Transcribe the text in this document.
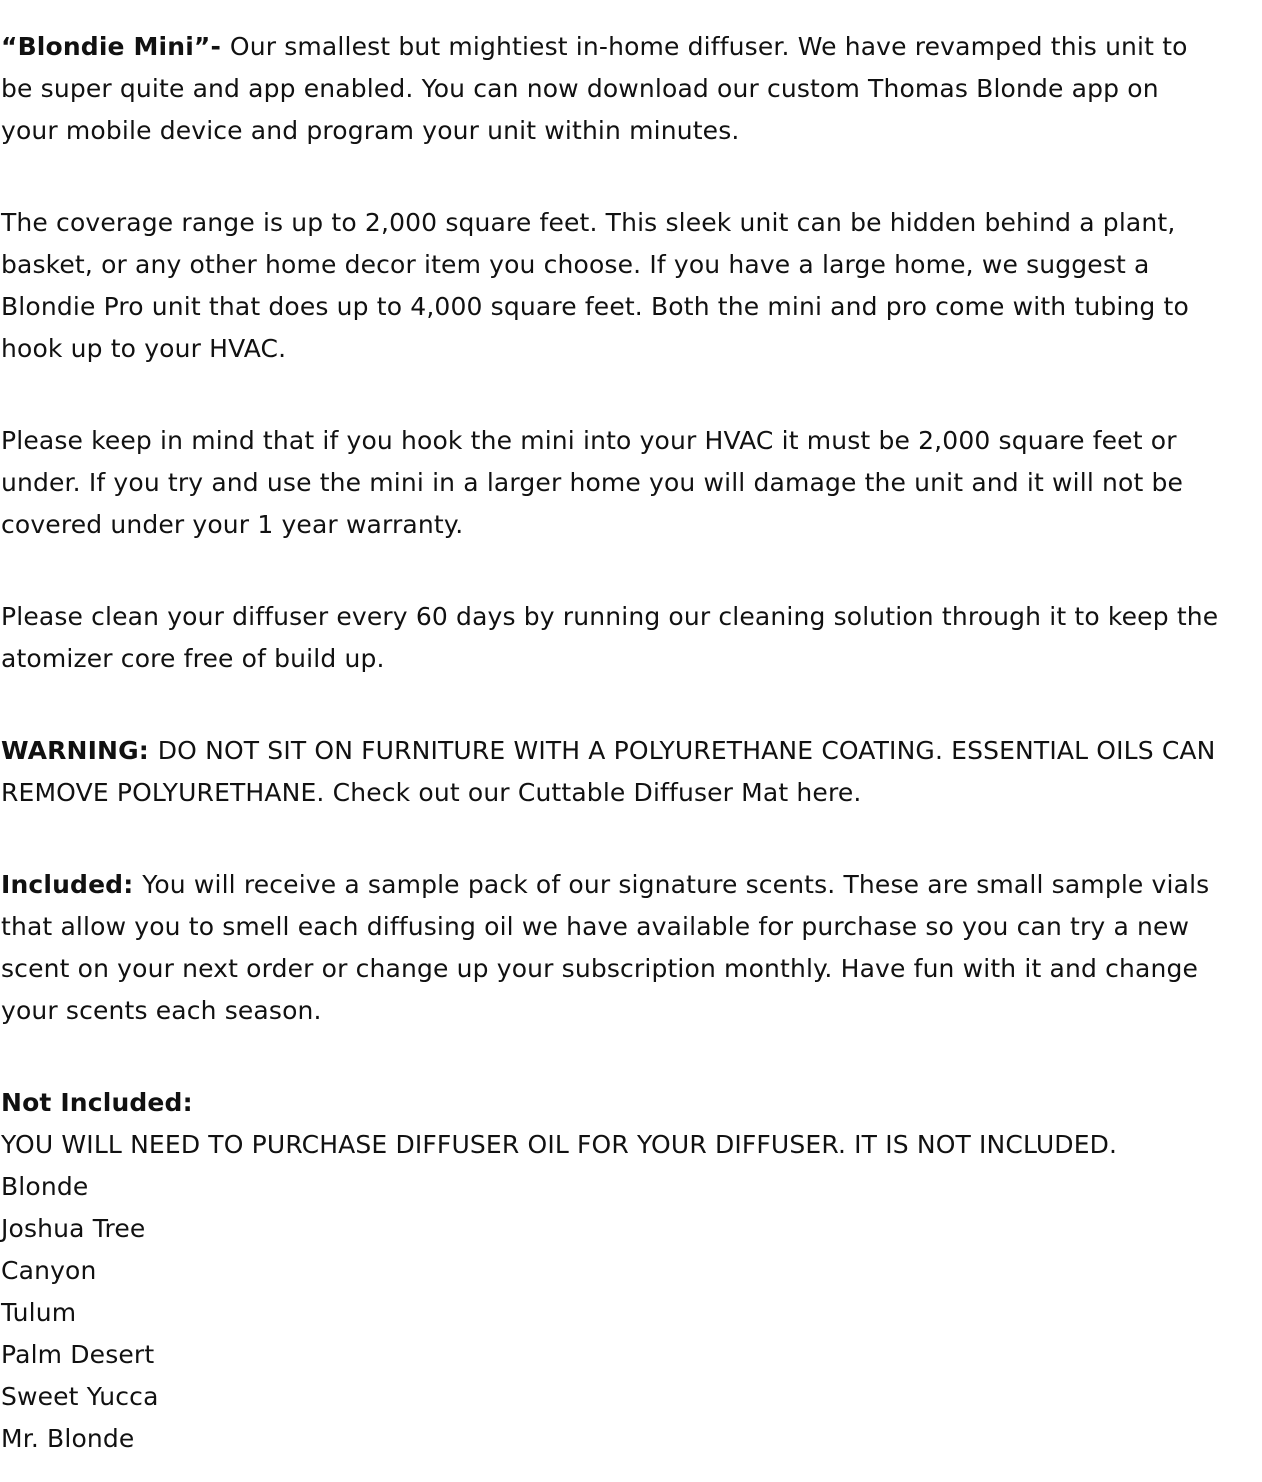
“Blondie Mini”- Our smallest but mightiest in-home diffuser. We have revamped this unit to be super quite and app enabled. You can now download our custom Thomas Blonde app on your mobile device and program your unit within minutes.

The coverage range is up to 2,000 square feet. This sleek unit can be hidden behind a plant, basket, or any other home decor item you choose. If you have a large home, we suggest a Blondie Pro unit that does up to 4,000 square feet. Both the mini and pro come with tubing to hook up to your HVAC.

Please keep in mind that if you hook the mini into your HVAC it must be 2,000 square feet or under. If you try and use the mini in a larger home you will damage the unit and it will not be covered under your 1 year warranty.

Please clean your diffuser every 60 days by running our cleaning solution through it to keep the atomizer core free of build up.

WARNING: DO NOT SIT ON FURNITURE WITH A POLYURETHANE COATING. ESSENTIAL OILS CAN REMOVE POLYURETHANE. Check out our Cuttable Diffuser Mat here.

Included: You will receive a sample pack of our signature scents. These are small sample vials that allow you to smell each diffusing oil we have available for purchase so you can try a new scent on your next order or change up your subscription monthly. Have fun with it and change your scents each season.

Not Included:

YOU WILL NEED TO PURCHASE DIFFUSER OIL FOR YOUR DIFFUSER. IT IS NOT INCLUDED.

Blonde
Joshua Tree
Canyon
Tulum
Palm Desert
Sweet Yucca
Mr. Blonde
